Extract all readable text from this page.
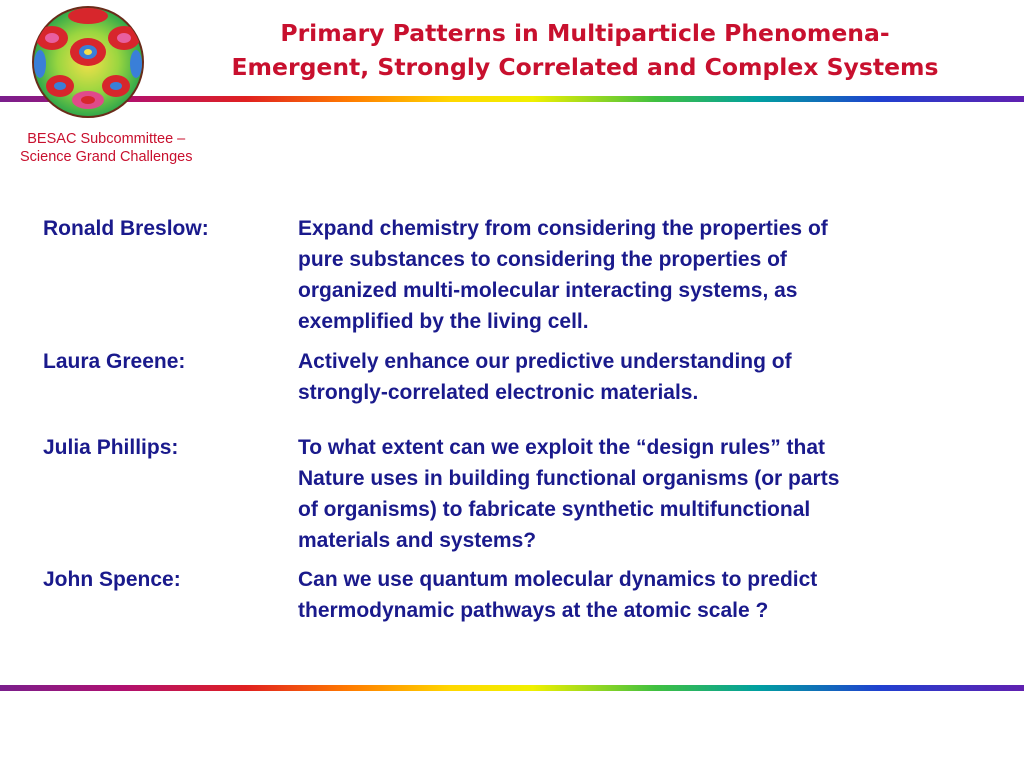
Primary Patterns in Multiparticle Phenomena-
Emergent, Strongly Correlated and Complex Systems
BESAC Subcommittee –
Science Grand Challenges
Ronald Breslow:	Expand chemistry from considering the properties of
pure substances to considering the properties of
organized multi-molecular interacting systems, as
exemplified by the living cell.
Laura Greene:	Actively enhance our predictive understanding of
strongly-correlated electronic materials.
Julia Phillips:	To what extent can we exploit the “design rules” that
Nature uses in building functional organisms (or parts
of organisms) to fabricate synthetic multifunctional
materials and systems?
John Spence:	Can we use quantum molecular dynamics to predict
thermodynamic pathways at the atomic scale ?
